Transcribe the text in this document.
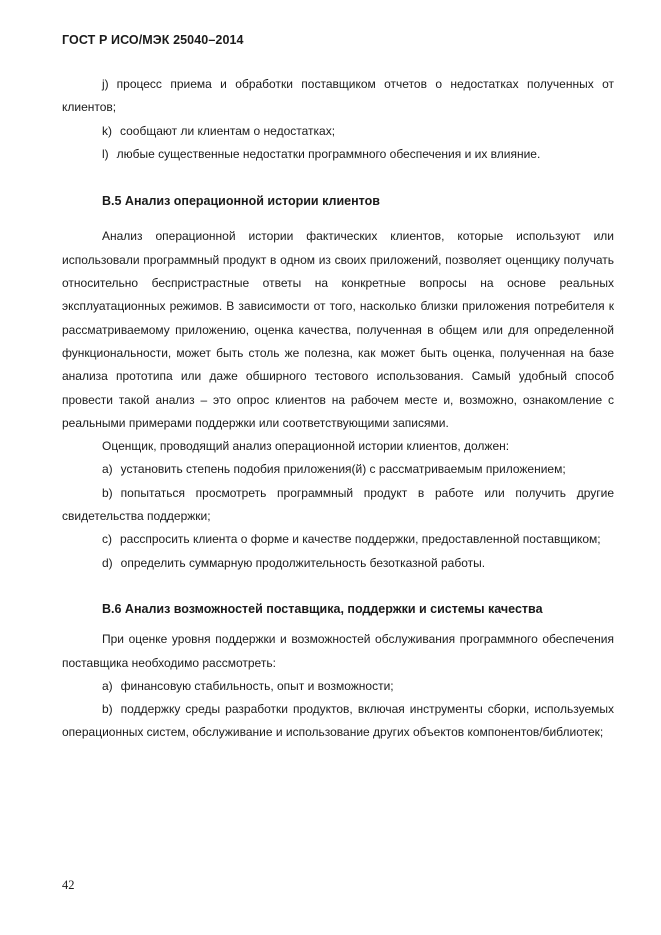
ГОСТ Р ИСО/МЭК 25040–2014

j) процесс приема и обработки поставщиком отчетов о недостатках полученных от клиентов;

k) сообщают ли клиентам о недостатках;

l) любые существенные недостатки программного обеспечения и их влияние.

В.5 Анализ операционной истории клиентов

Анализ операционной истории фактических клиентов, которые используют или использовали программный продукт в одном из своих приложений, позволяет оценщику получать относительно беспристрастные ответы на конкретные вопросы на основе реальных эксплуатационных режимов. В зависимости от того, насколько близки приложения потребителя к рассматриваемому приложению, оценка качества, полученная в общем или для определенной функциональности, может быть столь же полезна, как может быть оценка, полученная на базе анализа прототипа или даже обширного тестового использования. Самый удобный способ провести такой анализ – это опрос клиентов на рабочем месте и, возможно, ознакомление с реальными примерами поддержки или соответствующими записями.

Оценщик, проводящий анализ операционной истории клиентов, должен:

а) установить степень подобия приложения(й) с рассматриваемым приложением;

b) попытаться просмотреть программный продукт в работе или получить другие свидетельства поддержки;

c) расспросить клиента о форме и качестве поддержки, предоставленной поставщиком;

d) определить суммарную продолжительность безотказной работы.

В.6 Анализ возможностей поставщика, поддержки и системы качества

При оценке уровня поддержки и возможностей обслуживания программного обеспечения поставщика необходимо рассмотреть:

а) финансовую стабильность, опыт и возможности;

b) поддержку среды разработки продуктов, включая инструменты сборки, используемых операционных систем, обслуживание и использование других объектов компонентов/библиотек;

42
